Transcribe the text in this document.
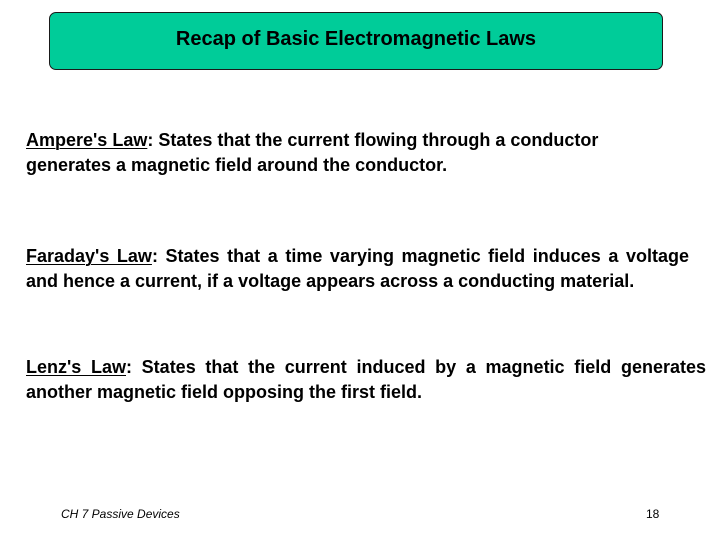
Recap of Basic Electromagnetic Laws

Ampere's Law: States that the current flowing through a conductor generates a magnetic field around the conductor.

Faraday's Law: States that a time varying magnetic field induces a voltage and hence a current, if a voltage appears across a conducting material.

Lenz's Law: States that the current induced by a magnetic field generates another magnetic field opposing the first field.

CH 7 Passive Devices	18
